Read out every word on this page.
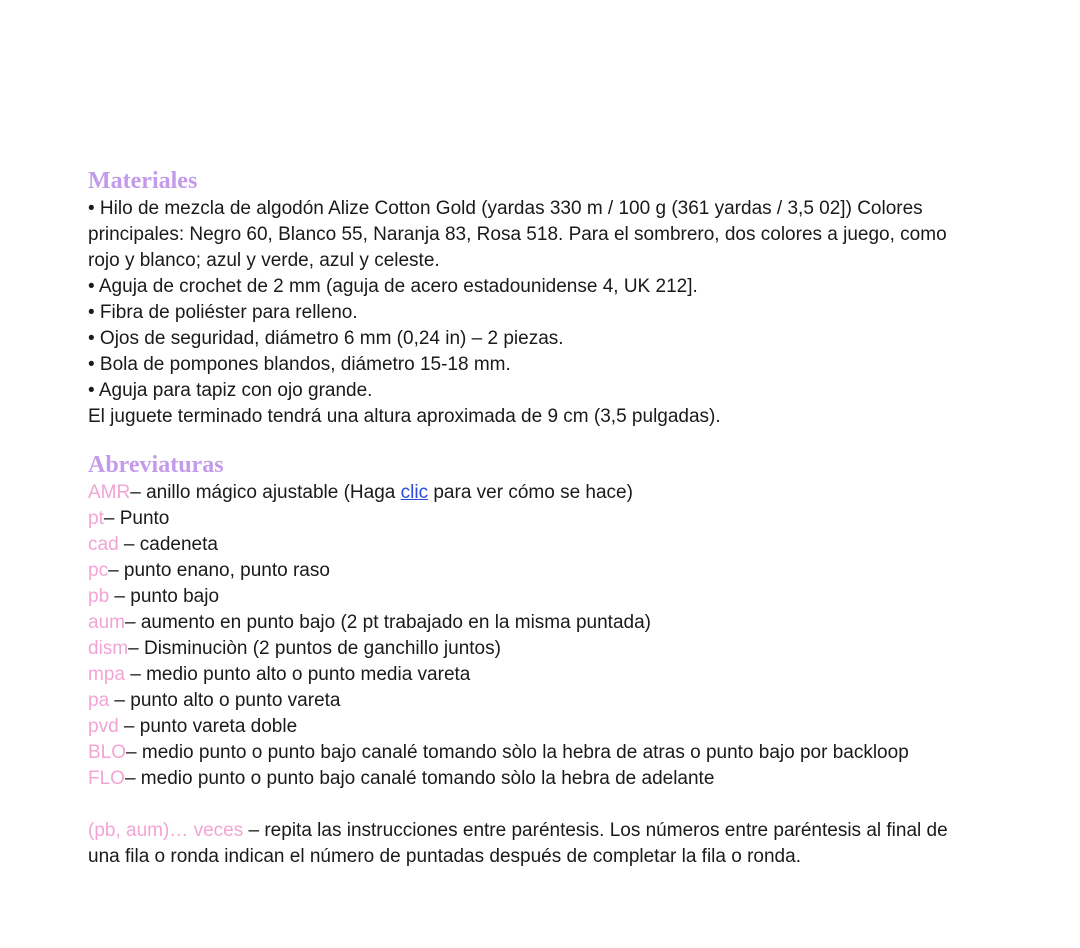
Materiales

• Hilo de mezcla de algodón Alize Cotton Gold (yardas 330 m / 100 g (361 yardas / 3,5 02]) Colores principales: Negro 60, Blanco 55, Naranja 83, Rosa 518. Para el sombrero, dos colores a juego, como rojo y blanco; azul y verde, azul y celeste.

• Aguja de crochet de 2 mm (aguja de acero estadounidense 4, UK 212].

• Fibra de poliéster para relleno.

• Ojos de seguridad, diámetro 6 mm (0,24 in) – 2 piezas.

• Bola de pompones blandos, diámetro 15-18 mm.

• Aguja para tapiz con ojo grande.

El juguete terminado tendrá una altura aproximada de 9 cm (3,5 pulgadas).

Abreviaturas

AMR– anillo mágico ajustable (Haga clic para ver cómo se hace)

pt– Punto

cad – cadeneta

pc– punto enano, punto raso

pb – punto bajo

aum– aumento en punto bajo (2 pt trabajado en la misma puntada)

dism– Disminuciòn (2 puntos de ganchillo juntos)

mpa – medio punto alto o punto media vareta

pa – punto alto o punto vareta

pvd – punto vareta doble

BLO– medio punto o punto bajo canalé tomando sòlo la hebra de atras o punto bajo por backloop

FLO– medio punto o punto bajo canalé tomando sòlo la hebra de adelante

(pb, aum)… veces – repita las instrucciones entre paréntesis. Los números entre paréntesis al final de una fila o ronda indican el número de puntadas después de completar la fila o ronda.
